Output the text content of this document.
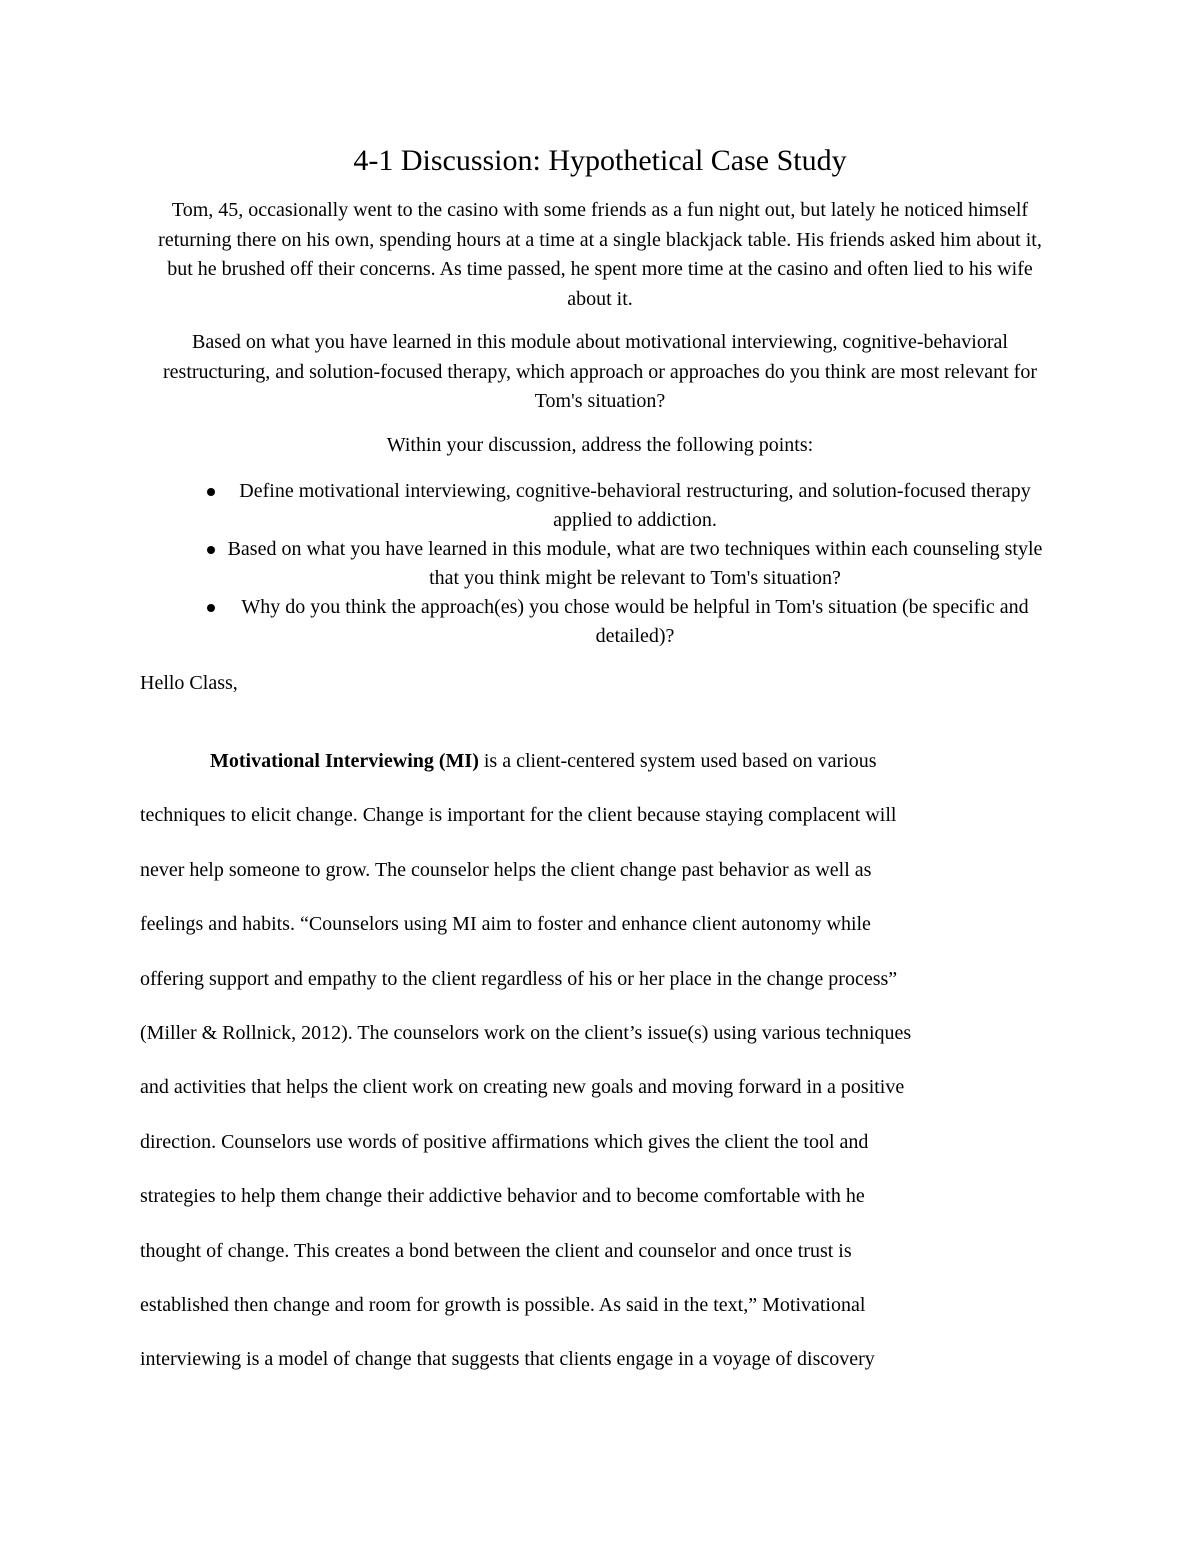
4-1 Discussion: Hypothetical Case Study

Tom, 45, occasionally went to the casino with some friends as a fun night out, but lately he noticed himself returning there on his own, spending hours at a time at a single blackjack table. His friends asked him about it, but he brushed off their concerns. As time passed, he spent more time at the casino and often lied to his wife about it.

Based on what you have learned in this module about motivational interviewing, cognitive-behavioral restructuring, and solution-focused therapy, which approach or approaches do you think are most relevant for Tom's situation?

Within your discussion, address the following points:

Define motivational interviewing, cognitive-behavioral restructuring, and solution-focused therapy applied to addiction.
Based on what you have learned in this module, what are two techniques within each counseling style that you think might be relevant to Tom's situation?
Why do you think the approach(es) you chose would be helpful in Tom's situation (be specific and detailed)?

Hello Class,

Motivational Interviewing (MI) is a client-centered system used based on various
techniques to elicit change. Change is important for the client because staying complacent will
never help someone to grow. The counselor helps the client change past behavior as well as
feelings and habits. “Counselors using MI aim to foster and enhance client autonomy while
offering support and empathy to the client regardless of his or her place in the change process”
(Miller & Rollnick, 2012). The counselors work on the client’s issue(s) using various techniques
and activities that helps the client work on creating new goals and moving forward in a positive
direction. Counselors use words of positive affirmations which gives the client the tool and
strategies to help them change their addictive behavior and to become comfortable with he
thought of change. This creates a bond between the client and counselor and once trust is
established then change and room for growth is possible. As said in the text,” Motivational
interviewing is a model of change that suggests that clients engage in a voyage of discovery
